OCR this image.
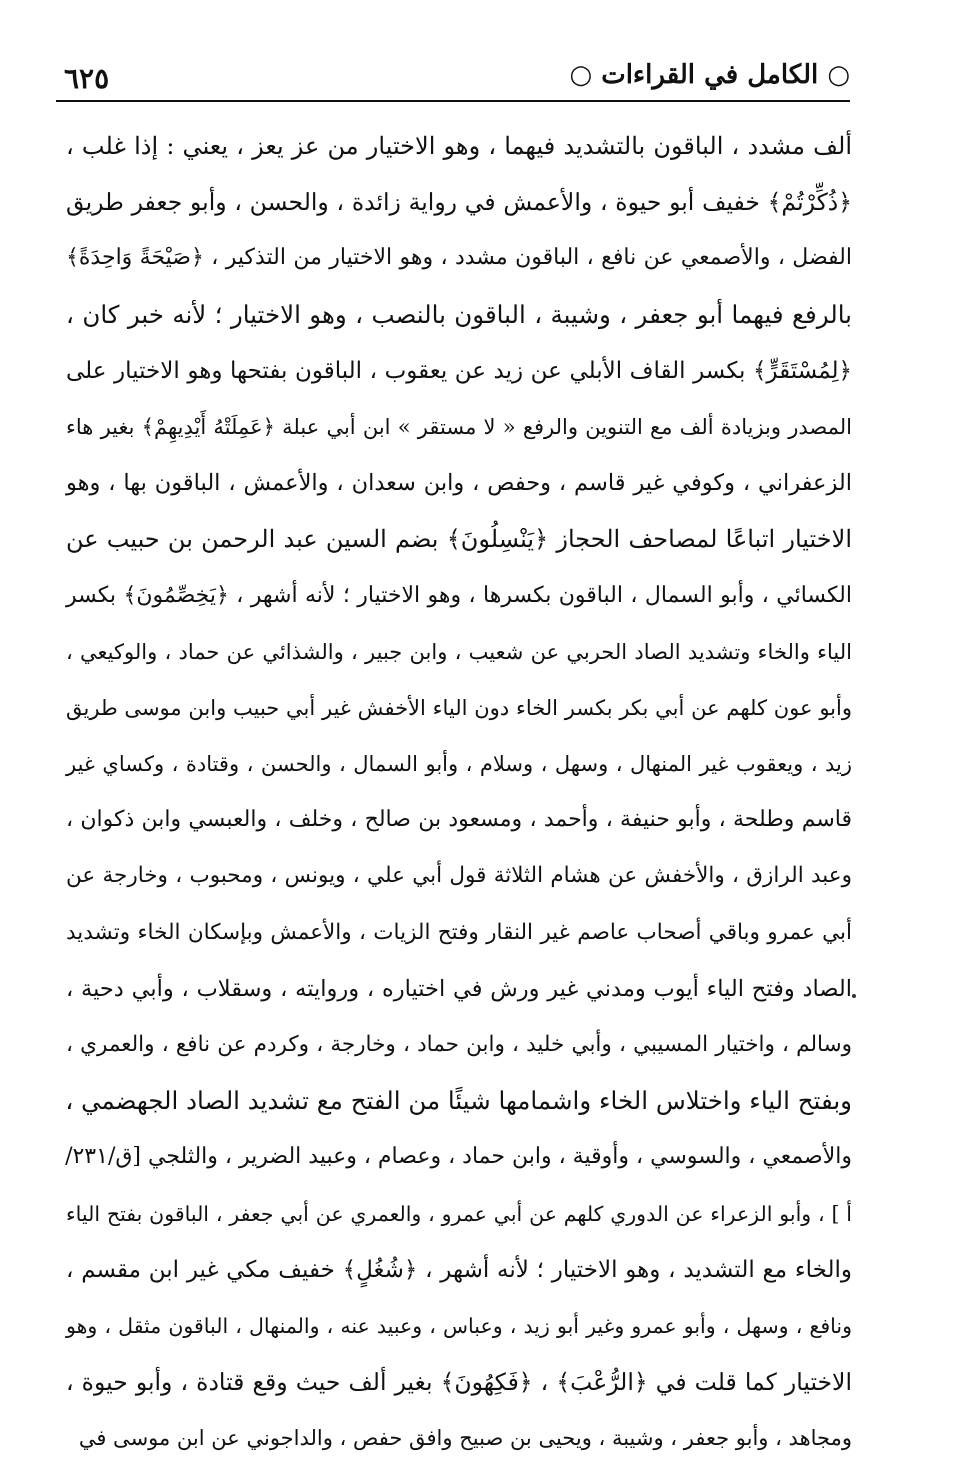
○ الكامل في القراءات ○
٦٢٥
ألف مشدد ، الباقون بالتشديد فيهما ، وهو الاختيار من عز يعز ، يعني : إذا غلب ،
﴿ذُكِّرْتُمْ﴾ خفيف أبو حيوة ، والأعمش في رواية زائدة ، والحسن ، وأبو جعفر طريق
الفضل ، والأصمعي عن نافع ، الباقون مشدد ، وهو الاختيار من التذكير ، ﴿صَيْحَةً وَاحِدَةً﴾
بالرفع فيهما أبو جعفر ، وشيبة ، الباقون بالنصب ، وهو الاختيار ؛ لأنه خبر كان ،
﴿لِمُسْتَقَرٍّ﴾ بكسر القاف الأبلي عن زيد عن يعقوب ، الباقون بفتحها وهو الاختيار على
المصدر وبزيادة ألف مع التنوين والرفع « لا مستقر » ابن أبي عبلة ﴿عَمِلَتْهُ أَيْدِيهِمْ﴾ بغير هاء
الزعفراني ، وكوفي غير قاسم ، وحفص ، وابن سعدان ، والأعمش ، الباقون بها ، وهو
الاختيار اتباعًا لمصاحف الحجاز ﴿يَنْسِلُونَ﴾ بضم السين عبد الرحمن بن حبيب عن
الكسائي ، وأبو السمال ، الباقون بكسرها ، وهو الاختيار ؛ لأنه أشهر ، ﴿يَخِصِّمُونَ﴾ بكسر
الياء والخاء وتشديد الصاد الحربي عن شعيب ، وابن جبير ، والشذائي عن حماد ، والوكيعي ،
وأبو عون كلهم عن أبي بكر بكسر الخاء دون الياء الأخفش غير أبي حبيب وابن موسى طريق
زيد ، ويعقوب غير المنهال ، وسهل ، وسلام ، وأبو السمال ، والحسن ، وقتادة ، وكساي غير
قاسم وطلحة ، وأبو حنيفة ، وأحمد ، ومسعود بن صالح ، وخلف ، والعبسي وابن ذكوان ،
وعبد الرازق ، والأخفش عن هشام الثلاثة قول أبي علي ، ويونس ، ومحبوب ، وخارجة عن
أبي عمرو وباقي أصحاب عاصم غير النقار وفتح الزيات ، والأعمش وبإسكان الخاء وتشديد
الصاد وفتح الياء أيوب ومدني غير ورش في اختياره ، وروايته ، وسقلاب ، وأبي دحية ،
وسالم ، واختيار المسيبي ، وأبي خليد ، وابن حماد ، وخارجة ، وكردم عن نافع ، والعمري ،
وبفتح الياء واختلاس الخاء واشمامها شيئًا من الفتح مع تشديد الصاد الجهضمي ،
والأصمعي ، والسوسي ، وأوقية ، وابن حماد ، وعصام ، وعبيد الضرير ، والثلجي [ق/٢٣١/
أ ] ، وأبو الزعراء عن الدوري كلهم عن أبي عمرو ، والعمري عن أبي جعفر ، الباقون بفتح الياء
والخاء مع التشديد ، وهو الاختيار ؛ لأنه أشهر ، ﴿شُغُلٍ﴾ خفيف مكي غير ابن مقسم ،
ونافع ، وسهل ، وأبو عمرو وغير أبو زيد ، وعباس ، وعبيد عنه ، والمنهال ، الباقون مثقل ، وهو
الاختيار كما قلت في ﴿الرُّعْبَ﴾ ، ﴿فَكِهُونَ﴾ بغير ألف حيث وقع قتادة ، وأبو حيوة ،
ومجاهد ، وأبو جعفر ، وشيبة ، ويحيى بن صبيح وافق حفص ، والداجوني عن ابن موسى في
